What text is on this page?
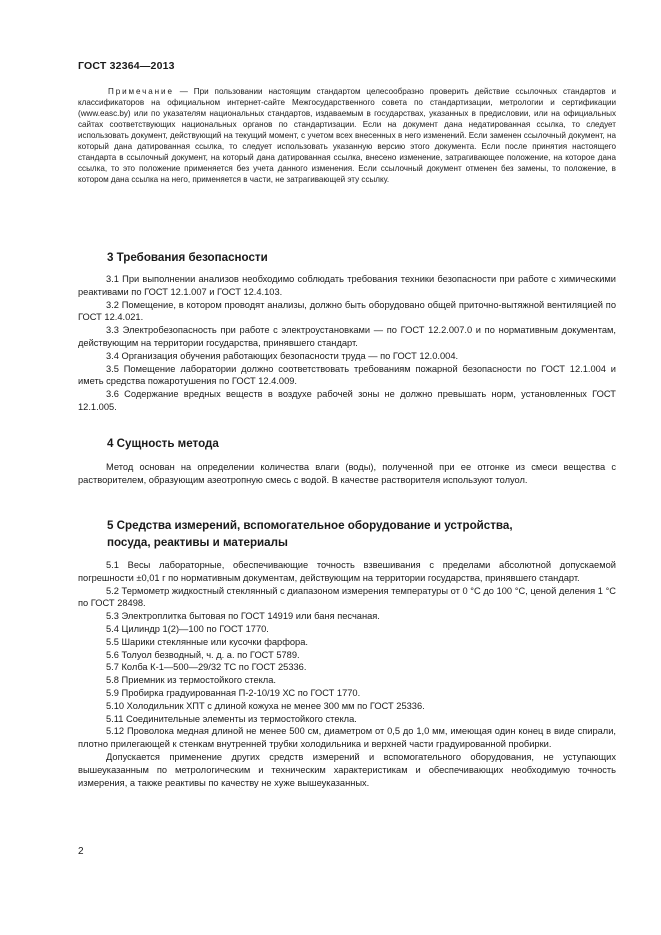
ГОСТ 32364—2013

Примечание — При пользовании настоящим стандартом целесообразно проверить действие ссылочных стандартов и классификаторов на официальном интернет-сайте Межгосударственного совета по стандартизации, метрологии и сертификации (www.easc.by) или по указателям национальных стандартов, издаваемым в государствах, указанных в предисловии, или на официальных сайтах соответствующих национальных органов по стандартизации. Если на документ дана недатированная ссылка, то следует использовать документ, действующий на текущий момент, с учетом всех внесенных в него изменений. Если заменен ссылочный документ, на который дана датированная ссылка, то следует использовать указанную версию этого документа. Если после принятия настоящего стандарта в ссылочный документ, на который дана датированная ссылка, внесено изменение, затрагивающее положение, на которое дана ссылка, то это положение применяется без учета данного изменения. Если ссылочный документ отменен без замены, то положение, в котором дана ссылка на него, применяется в части, не затрагивающей эту ссылку.

3 Требования безопасности

3.1 При выполнении анализов необходимо соблюдать требования техники безопасности при работе с химическими реактивами по ГОСТ 12.1.007 и ГОСТ 12.4.103.

3.2 Помещение, в котором проводят анализы, должно быть оборудовано общей приточно-вытяжной вентиляцией по ГОСТ 12.4.021.

3.3 Электробезопасность при работе с электроустановками — по ГОСТ 12.2.007.0 и по нормативным документам, действующим на территории государства, принявшего стандарт.

3.4 Организация обучения работающих безопасности труда — по ГОСТ 12.0.004.

3.5 Помещение лаборатории должно соответствовать требованиям пожарной безопасности по ГОСТ 12.1.004 и иметь средства пожаротушения по ГОСТ 12.4.009.

3.6 Содержание вредных веществ в воздухе рабочей зоны не должно превышать норм, установленных ГОСТ 12.1.005.

4 Сущность метода

Метод основан на определении количества влаги (воды), полученной при ее отгонке из смеси вещества с растворителем, образующим азеотропную смесь с водой. В качестве растворителя используют толуол.

5 Средства измерений, вспомогательное оборудование и устройства,
посуда, реактивы и материалы

5.1 Весы лабораторные, обеспечивающие точность взвешивания с пределами абсолютной допускаемой погрешности ±0,01 г по нормативным документам, действующим на территории государства, принявшего стандарт.

5.2 Термометр жидкостный стеклянный с диапазоном измерения температуры от 0 °С до 100 °С, ценой деления 1 °С по ГОСТ 28498.

5.3 Электроплитка бытовая по ГОСТ 14919 или баня песчаная.

5.4 Цилиндр 1(2)—100 по ГОСТ 1770.

5.5 Шарики стеклянные или кусочки фарфора.

5.6 Толуол безводный, ч. д. а. по ГОСТ 5789.

5.7 Колба К-1—500—29/32 ТС по ГОСТ 25336.

5.8 Приемник из термостойкого стекла.

5.9 Пробирка градуированная П-2-10/19 ХС по ГОСТ 1770.

5.10 Холодильник ХПТ с длиной кожуха не менее 300 мм по ГОСТ 25336.

5.11 Соединительные элементы из термостойкого стекла.

5.12 Проволока медная длиной не менее 500 см, диаметром от 0,5 до 1,0 мм, имеющая один конец в виде спирали, плотно прилегающей к стенкам внутренней трубки холодильника и верхней части градуированной пробирки.

Допускается применение других средств измерений и вспомогательного оборудования, не уступающих вышеуказанным по метрологическим и техническим характеристикам и обеспечивающих необходимую точность измерения, а также реактивы по качеству не хуже вышеуказанных.

2
